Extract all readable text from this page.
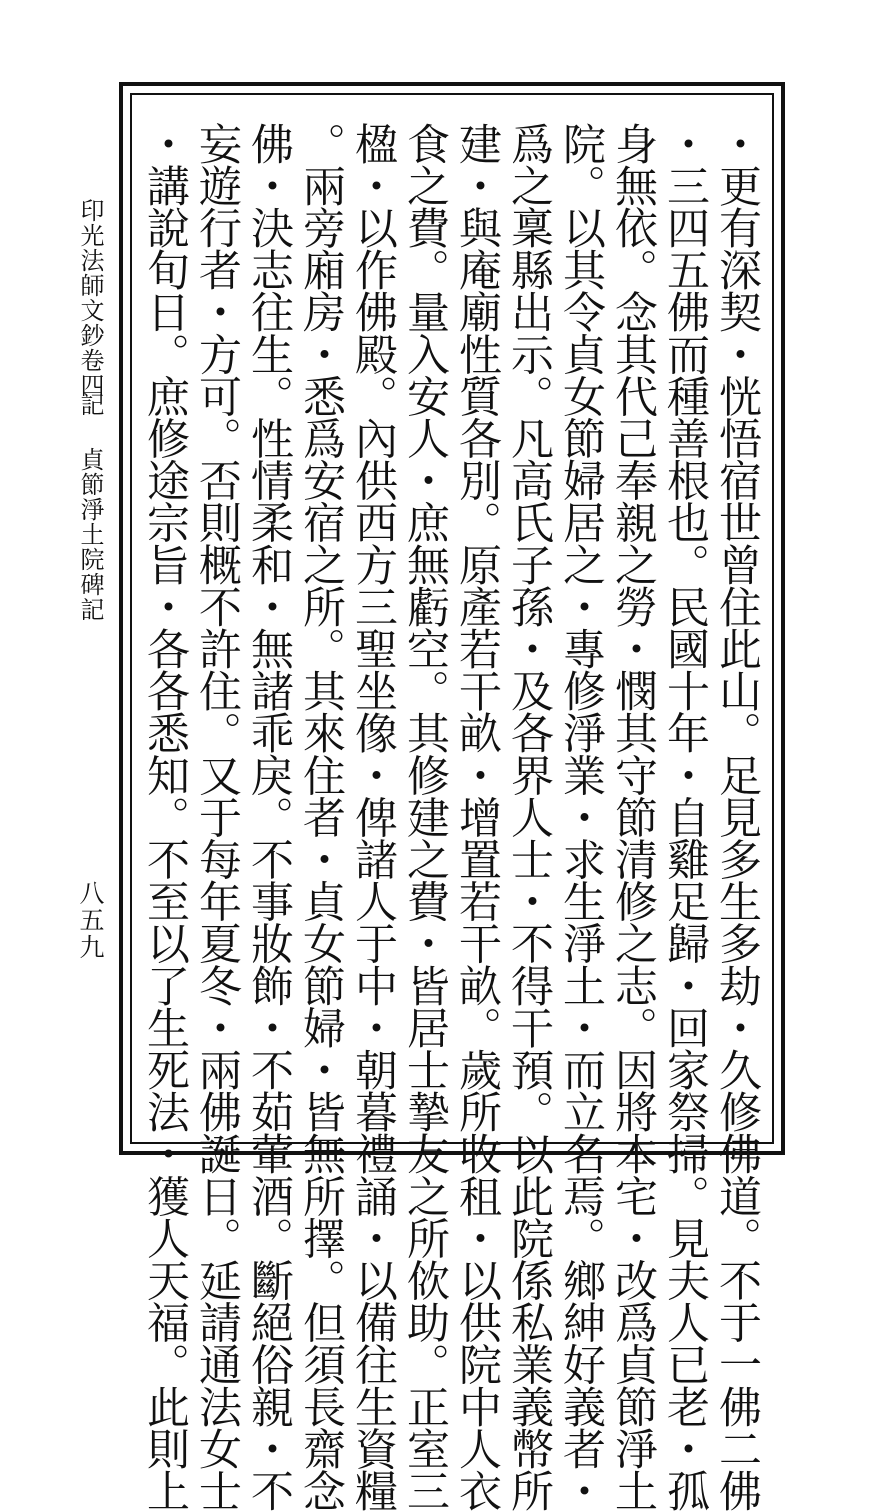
印光法師文鈔卷四
記
貞節淨土院碑記
八五九	・更有深契・恍悟宿世曾住此山。足見多生多劫・久修佛道。不于一佛二佛
・三四五佛而種善根也。民國十年・自雞足歸・回家祭掃。見夫人已老・孤
身無依。念其代己奉親之勞・憫其守節清修之志。因將本宅・改爲貞節淨土
院。以其令貞女節婦居之・專修淨業・求生淨土・而立名焉。鄉紳好義者・
爲之稟縣出示。凡高氏子孫・及各界人士・不得干預。以此院係私業義幣所
建・與庵廟性質各別。原產若干畝・增置若干畝。歲所收租・以供院中人衣
食之費。量入安人・庶無虧空。其修建之費・皆居士摯友之所佽助。正室三
楹・以作佛殿。內供西方三聖坐像・俾諸人于中・朝暮禮誦・以備往生資糧
。兩旁廂房・悉爲安宿之所。其來住者・貞女節婦・皆無所擇。但須長齋念
佛・決志往生。性情柔和・無諸乖戾。不事妝飾・不茹葷酒。斷絕俗親・不
妄遊行者・方可。否則概不許住。又于每年夏冬・兩佛誕日。延請通法女士
・講說旬日。庶修途宗旨・各各悉知。不至以了生死法・獲人天福。此則上
